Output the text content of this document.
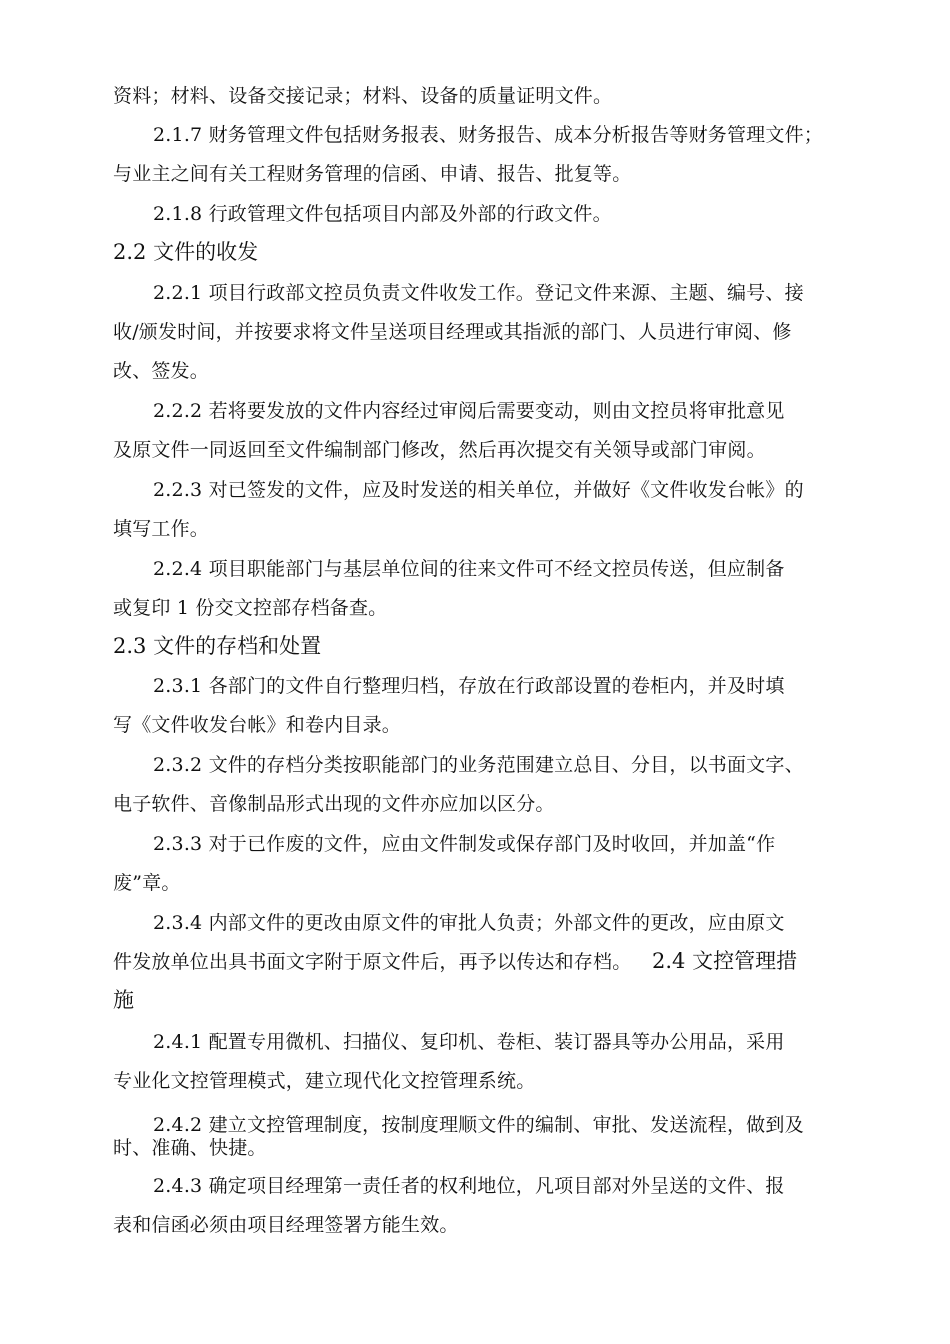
资料；材料、设备交接记录；材料、设备的质量证明文件。
2.1.7 财务管理文件包括财务报表、财务报告、成本分析报告等财务管理文件；
与业主之间有关工程财务管理的信函、申请、报告、批复等。
2.1.8 行政管理文件包括项目内部及外部的行政文件。
2.2 文件的收发
2.2.1 项目行政部文控员负责文件收发工作。登记文件来源、主题、编号、接
收/颁发时间，并按要求将文件呈送项目经理或其指派的部门、人员进行审阅、修
改、签发。
2.2.2 若将要发放的文件内容经过审阅后需要变动，则由文控员将审批意见
及原文件一同返回至文件编制部门修改，然后再次提交有关领导或部门审阅。
2.2.3 对已签发的文件，应及时发送的相关单位，并做好《文件收发台帐》的
填写工作。
2.2.4 项目职能部门与基层单位间的往来文件可不经文控员传送，但应制备
或复印 1 份交文控部存档备查。
2.3 文件的存档和处置
2.3.1 各部门的文件自行整理归档，存放在行政部设置的卷柜内，并及时填
写《文件收发台帐》和卷内目录。
2.3.2 文件的存档分类按职能部门的业务范围建立总目、分目，以书面文字、
电子软件、音像制品形式出现的文件亦应加以区分。
2.3.3 对于已作废的文件，应由文件制发或保存部门及时收回，并加盖“作
废”章。
2.3.4 内部文件的更改由原文件的审批人负责；外部文件的更改，应由原文
件发放单位出具书面文字附于原文件后，再予以传达和存档。 2.4 文控管理措
施
2.4.1 配置专用微机、扫描仪、复印机、卷柜、装订器具等办公用品，采用
专业化文控管理模式，建立现代化文控管理系统。
2.4.2 建立文控管理制度，按制度理顺文件的编制、审批、发送流程，做到及
时、准确、快捷。
2.4.3 确定项目经理第一责任者的权利地位，凡项目部对外呈送的文件、报
表和信函必须由项目经理签署方能生效。
